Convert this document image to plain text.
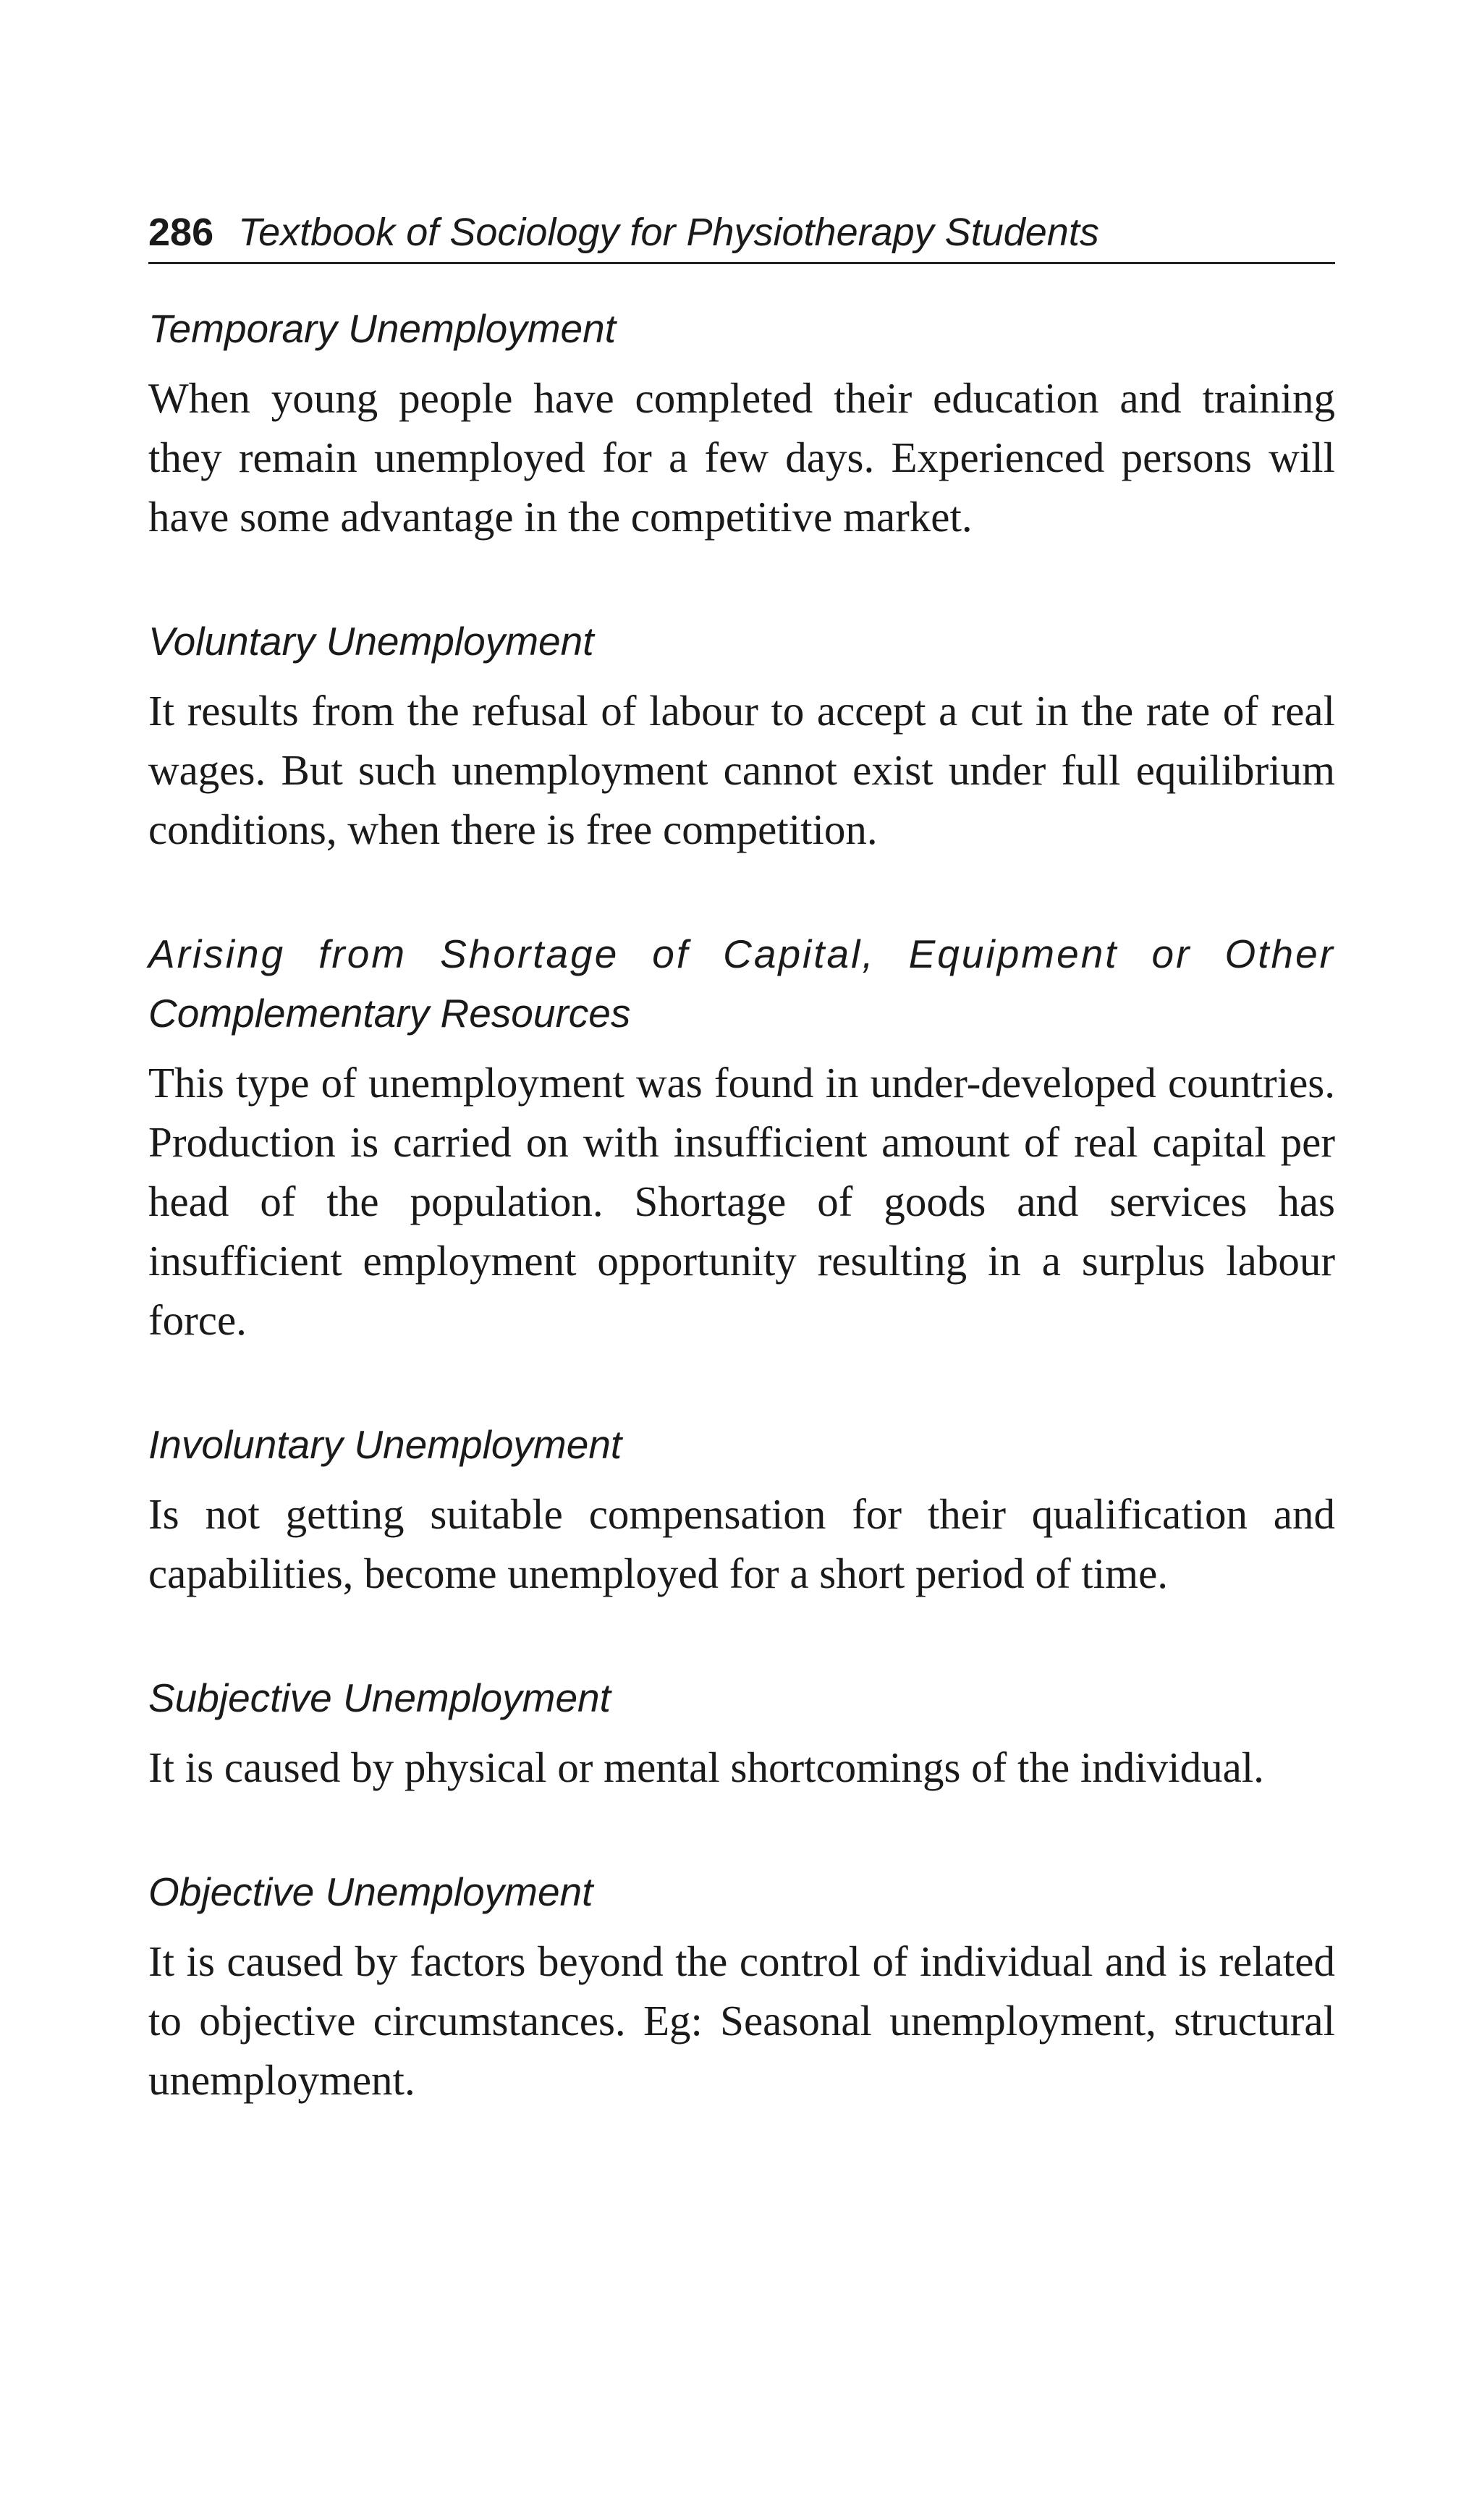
286 Textbook of Sociology for Physiotherapy Students

Temporary Unemployment

When young people have completed their education and training they remain unemployed for a few days. Experienced persons will have some advantage in the competitive market.

Voluntary Unemployment

It results from the refusal of labour to accept a cut in the rate of real wages. But such unemployment cannot exist under full equilibrium conditions, when there is free competition.

Arising from Shortage of Capital, Equipment or Other
Complementary Resources

This type of unemployment was found in under-developed countries. Production is carried on with insufficient amount of real capital per head of the population. Shortage of goods and services has insufficient employment opportunity resulting in a surplus labour force.

Involuntary Unemployment

Is not getting suitable compensation for their qualification and capabilities, become unemployed for a short period of time.

Subjective Unemployment

It is caused by physical or mental shortcomings of the individual.

Objective Unemployment

It is caused by factors beyond the control of individual and is related to objective circumstances. Eg: Seasonal unemployment, structural unemployment.
